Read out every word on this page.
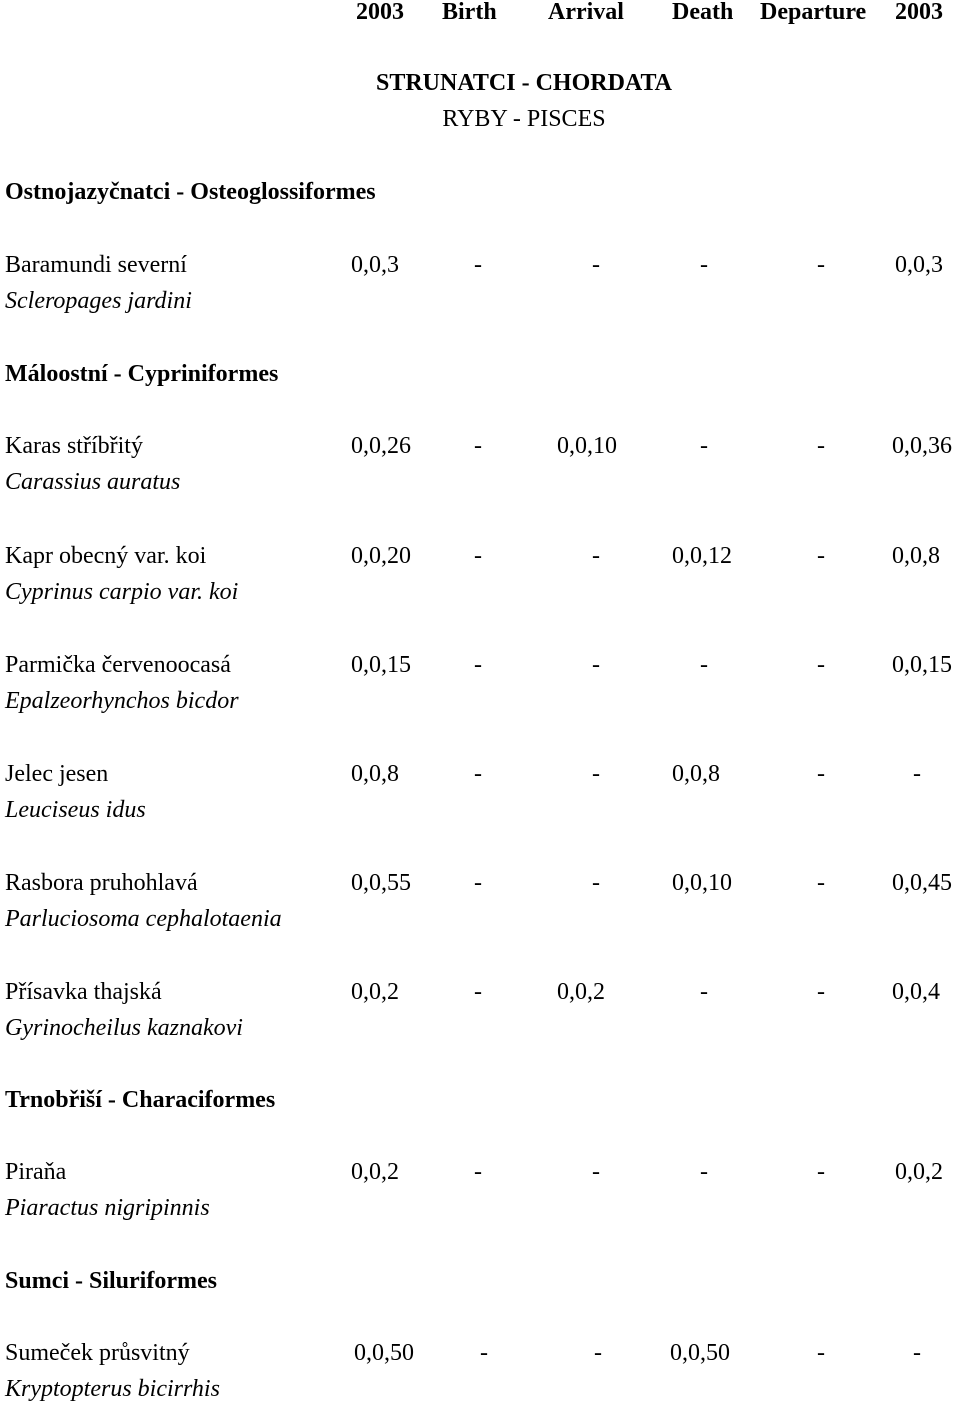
2003 Birth Arrival Death Departure 2003
STRUNATCI - CHORDATA
RYBY - PISCES
Ostnojazyčnatci - Osteoglossiformes
Baramundi severní
Scleropages jardini
0,0,3	-	-	-	-	0,0,3
Máloostní - Cypriniformes
Karas stříbřitý
Carassius auratus
0,0,26	-	0,0,10	-	-	0,0,36
Kapr obecný var. koi
Cyprinus carpio var. koi
0,0,20	-	-	0,0,12	-	0,0,8
Parmička červenoocasá
Epalzeorhynchos bicdor
0,0,15	-	-	-	-	0,0,15
Jelec jesen
Leuciseus idus
0,0,8	-	-	0,0,8	-	-
Rasbora pruhohlavá
Parluciosoma cephalotaenia
0,0,55	-	-	0,0,10	-	0,0,45
Přísavka thajská
Gyrinocheilus kaznakovi
0,0,2	-	0,0,2	-	-	0,0,4
Trnobřiší - Characiformes
Piraňa
Piaractus nigripinnis
0,0,2	-	-	-	-	0,0,2
Sumci - Siluriformes
Sumeček průsvitný
Kryptopterus bicirrhis
0,0,50	-	-	0,0,50	-	-
